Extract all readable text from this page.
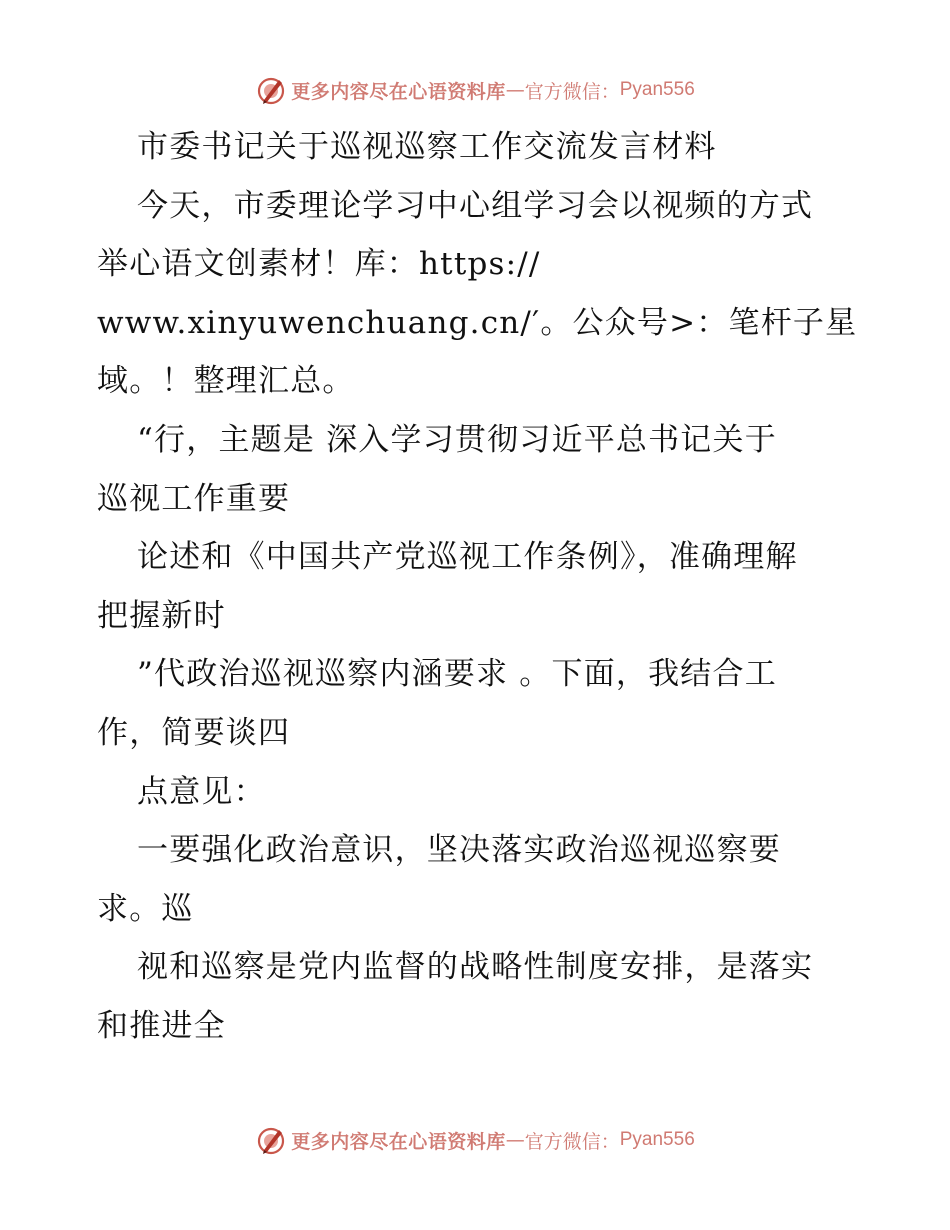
更多内容尽在心语资料库 — 官方微信： Pyan556
市委书记关于巡视巡察工作交流发言材料
今天，市委理论学习中心组学习会以视频的方式
举心语文创素材！库：https://
www.xinyuwenchuang.cn/′。公众号>：笔杆子星
域。！整理汇总。
“行，主题是 深入学习贯彻习近平总书记关于
巡视工作重要
论述和《中国共产党巡视工作条例》，准确理解
把握新时
”代政治巡视巡察内涵要求 。下面，我结合工
作，简要谈四
点意见：
一要强化政治意识，坚决落实政治巡视巡察要
求。巡
视和巡察是党内监督的战略性制度安排，是落实
和推进全
更多内容尽在心语资料库 — 官方微信： Pyan556
